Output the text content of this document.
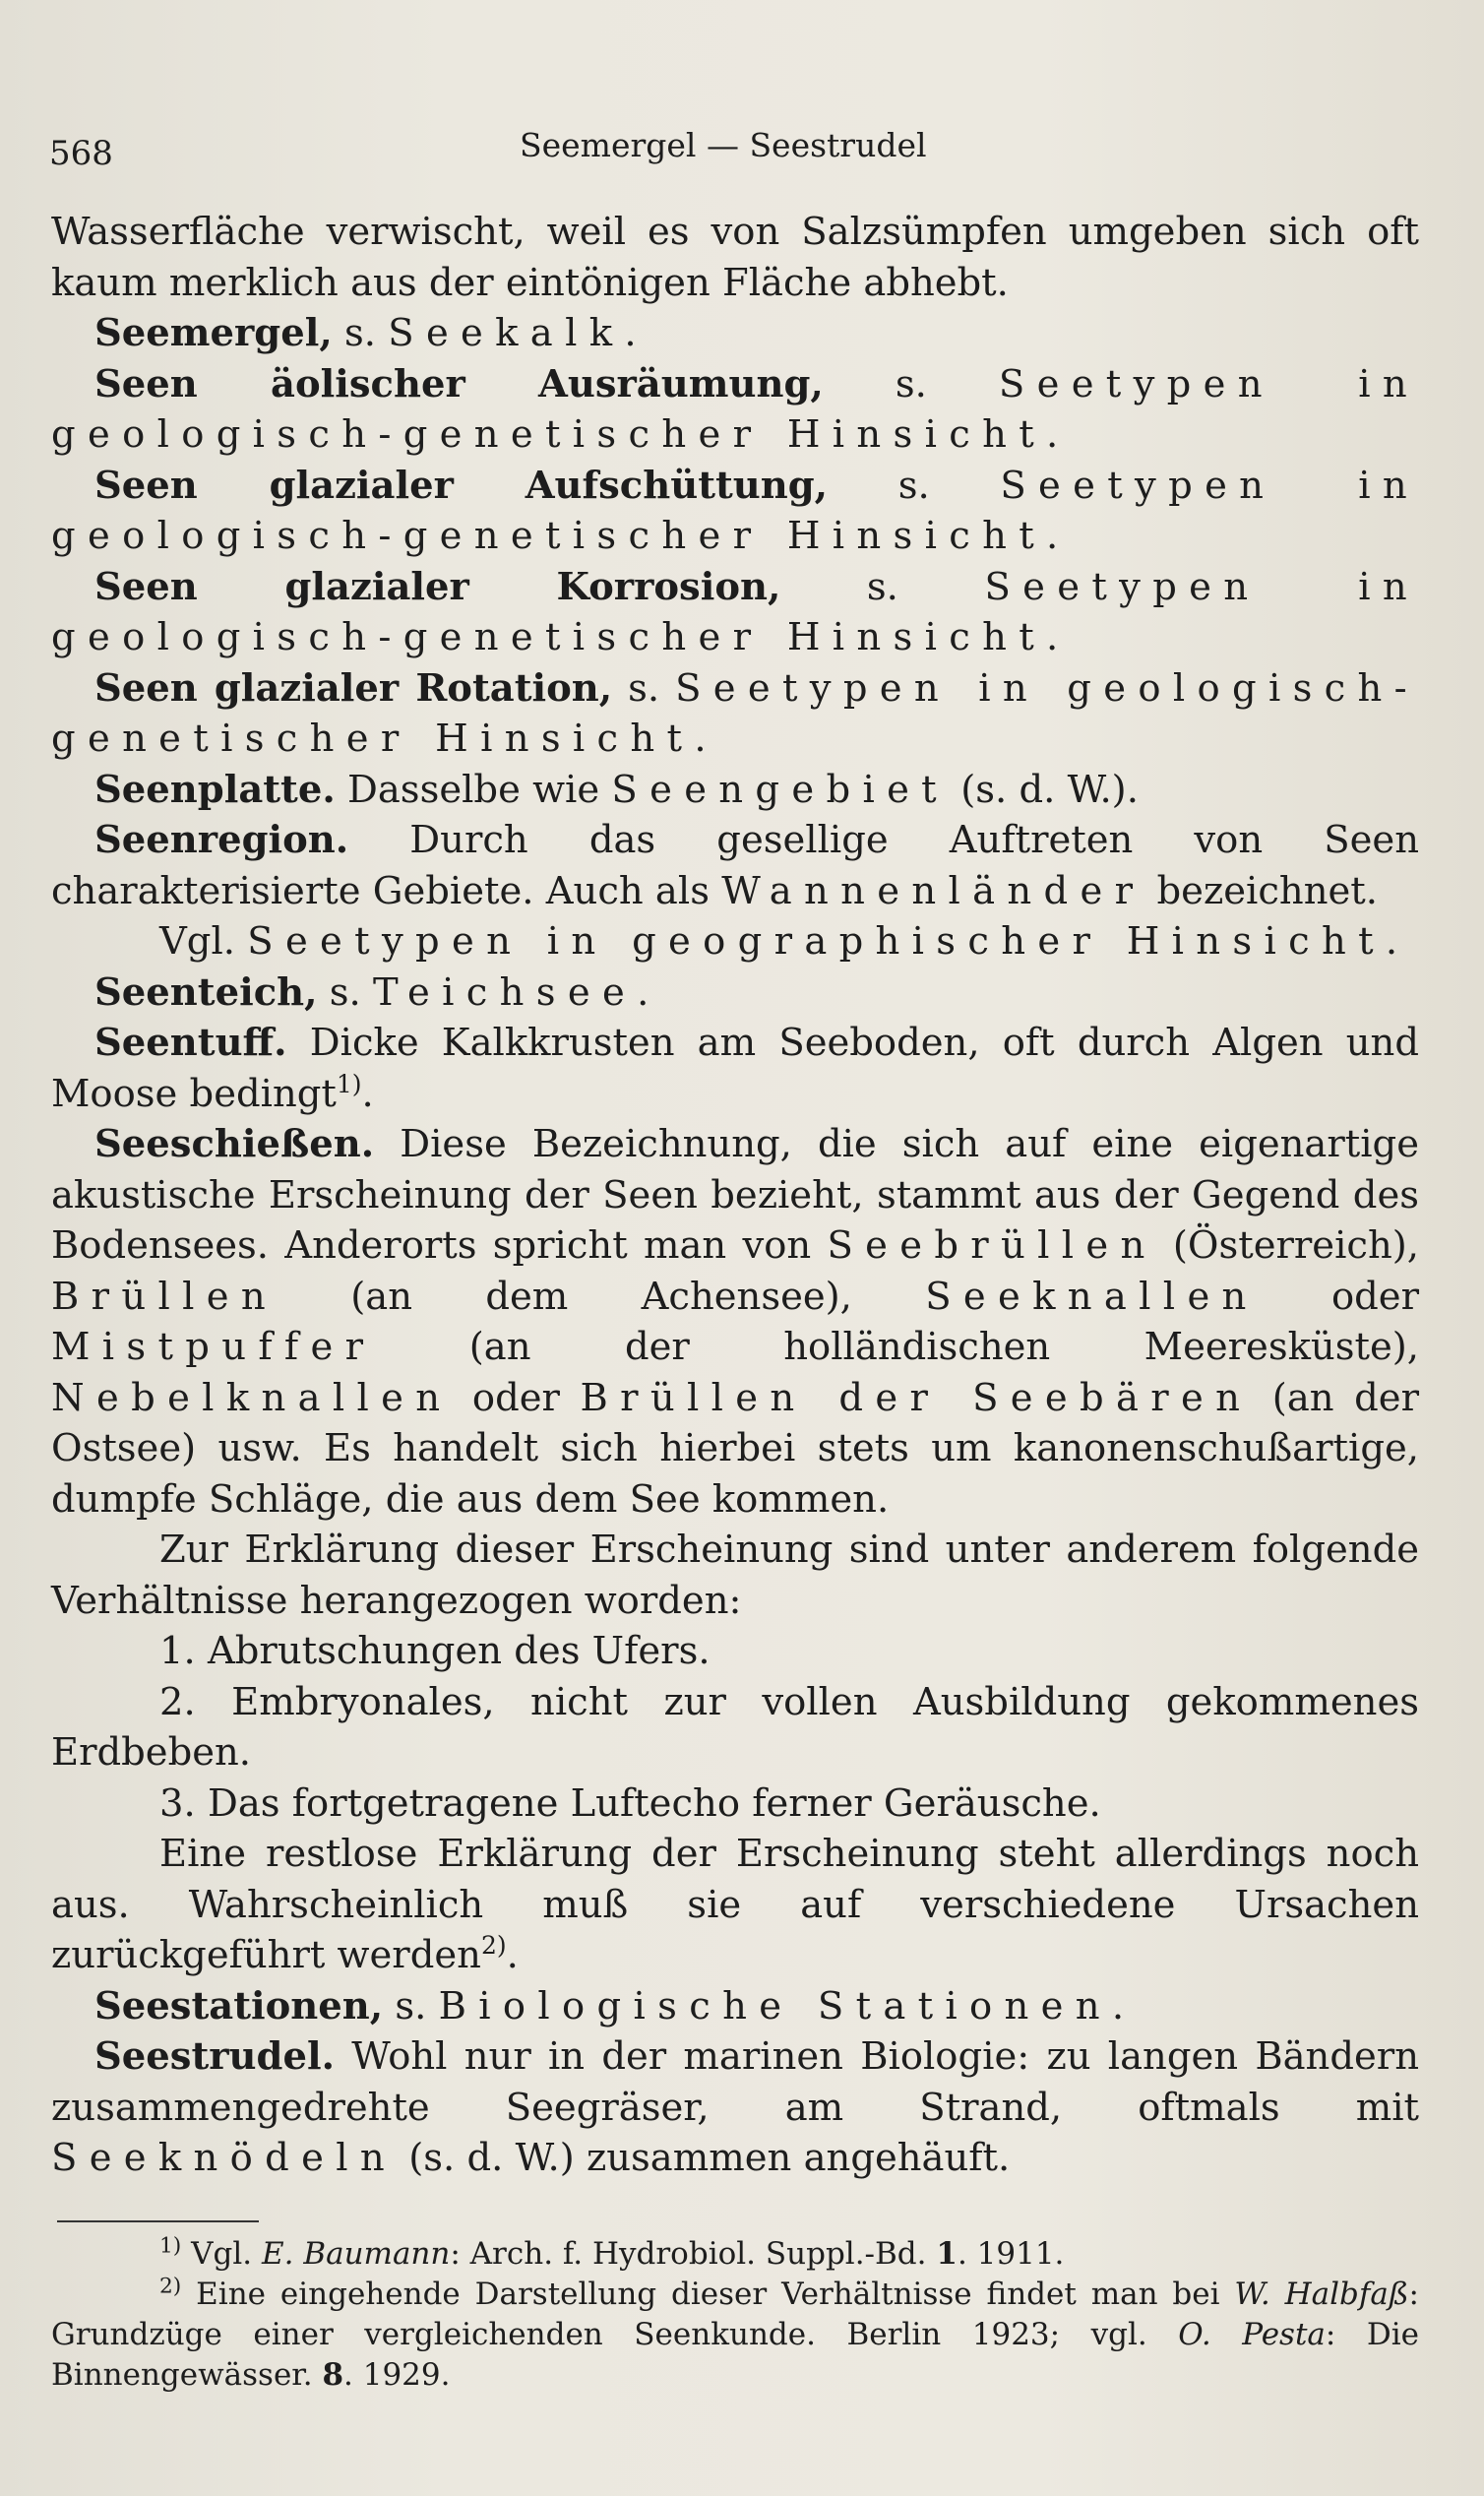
568	Seemergel — Seestrudel

Wasserfläche verwischt, weil es von Salzsümpfen umgeben sich oft kaum merklich aus der eintönigen Fläche abhebt.

Seemergel, s. Seekalk.

Seen äolischer Ausräumung, s. Seetypen in geologisch-genetischer Hinsicht.

Seen glazialer Aufschüttung, s. Seetypen in geologisch-genetischer Hinsicht.

Seen glazialer Korrosion, s. Seetypen in geologisch-genetischer Hinsicht.

Seen glazialer Rotation, s. Seetypen in geologisch-genetischer Hinsicht.

Seenplatte. Dasselbe wie Seengebiet (s. d. W.).

Seenregion. Durch das gesellige Auftreten von Seen charakterisierte Gebiete. Auch als Wannenländer bezeichnet.

Vgl. Seetypen in geographischer Hinsicht.

Seenteich, s. Teichsee.

Seentuff. Dicke Kalkkrusten am Seeboden, oft durch Algen und Moose bedingt$^{1)}$.

Seeschießen. Diese Bezeichnung, die sich auf eine eigenartige akustische Erscheinung der Seen bezieht, stammt aus der Gegend des Bodensees. Anderorts spricht man von Seebrüllen (Österreich), Brüllen (an dem Achensee), Seeknallen oder Mistpuffer (an der holländischen Meeresküste), Nebelknallen oder Brüllen der Seebären (an der Ostsee) usw. Es handelt sich hierbei stets um kanonenschußartige, dumpfe Schläge, die aus dem See kommen.

Zur Erklärung dieser Erscheinung sind unter anderem folgende Verhältnisse herangezogen worden:

1. Abrutschungen des Ufers.

2. Embryonales, nicht zur vollen Ausbildung gekommenes Erdbeben.

3. Das fortgetragene Luftecho ferner Geräusche.

Eine restlose Erklärung der Erscheinung steht allerdings noch aus. Wahrscheinlich muß sie auf verschiedene Ursachen zurückgeführt werden$^{2)}$.

Seestationen, s. Biologische Stationen.

Seestrudel. Wohl nur in der marinen Biologie: zu langen Bändern zusammengedrehte Seegräser, am Strand, oftmals mit Seeknödeln (s. d. W.) zusammen angehäuft.

$^{1)}$ Vgl. E. Baumann: Arch. f. Hydrobiol. Suppl.-Bd. 1. 1911.

$^{2)}$ Eine eingehende Darstellung dieser Verhältnisse findet man bei W. Halbfaß: Grundzüge einer vergleichenden Seenkunde. Berlin 1923; vgl. O. Pesta: Die Binnengewässer. 8. 1929.
